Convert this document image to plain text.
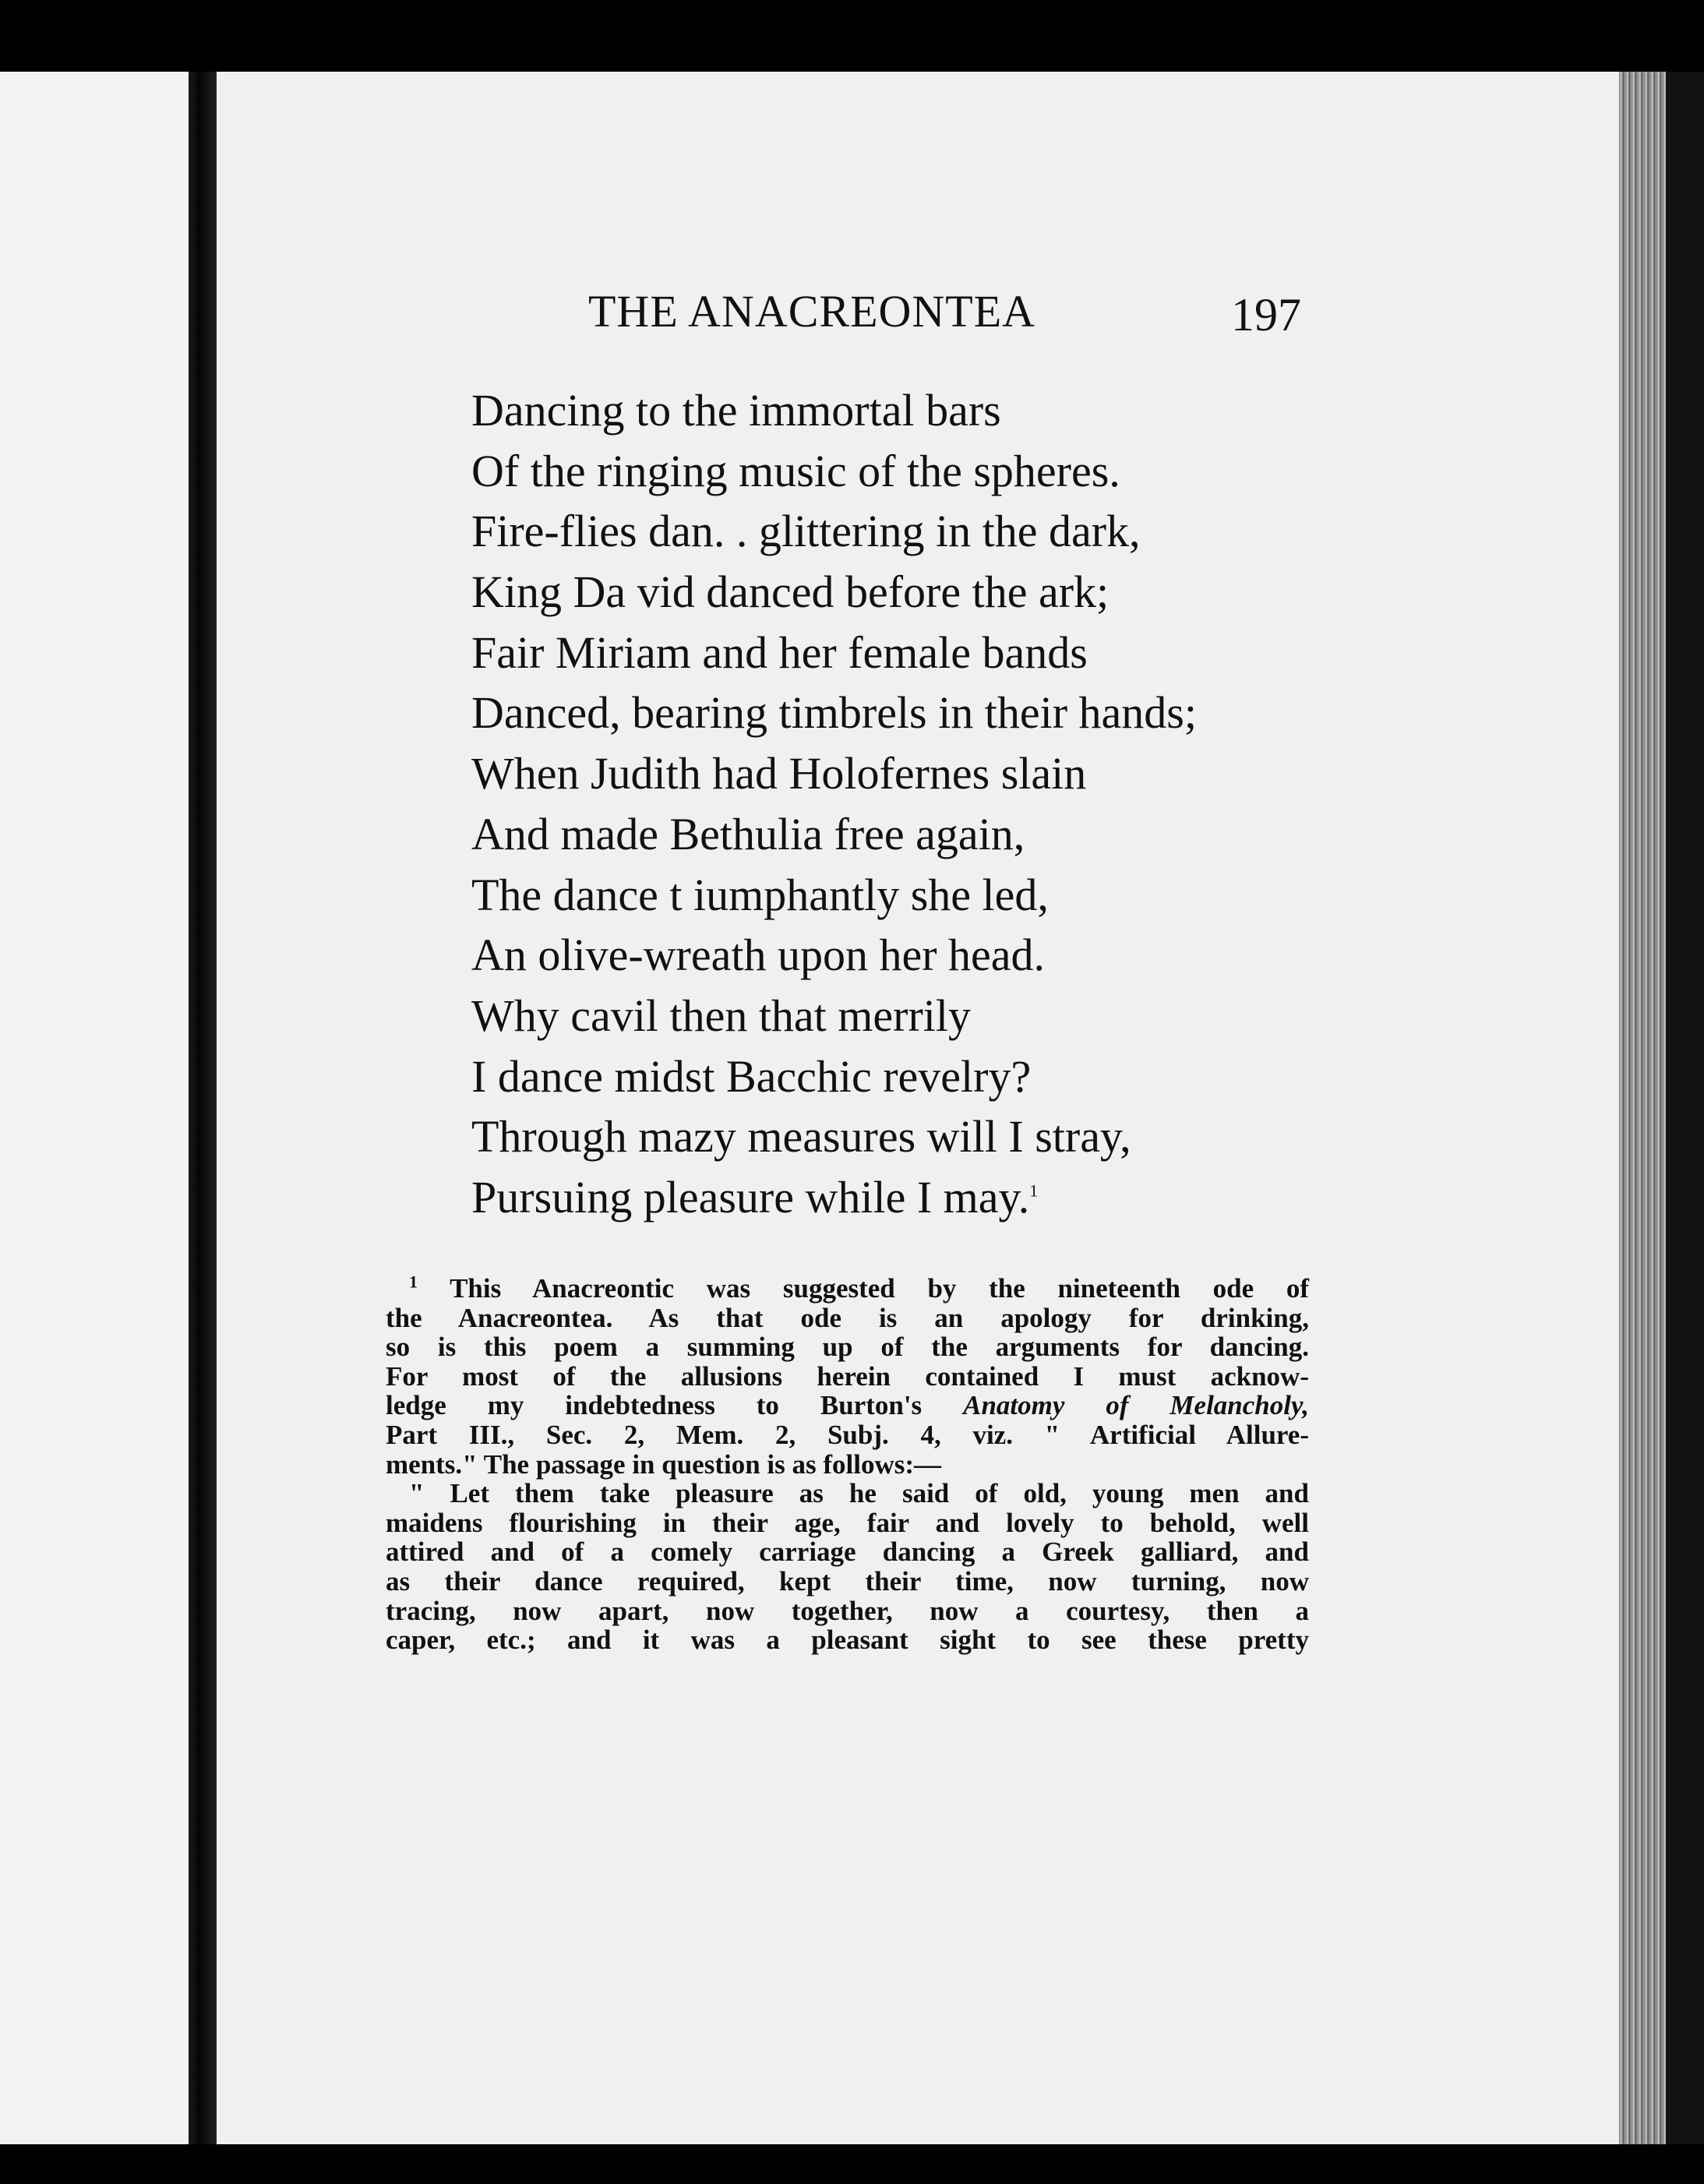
THE ANACREONTEA	197
Dancing to the immortal bars
Of the ringing music of the spheres.
Fire-flies dan. . glittering in the dark,
King Da vid danced before the ark;
Fair Miriam and her female bands
Danced, bearing timbrels in their hands;
When Judith had Holofernes slain
And made Bethulia free again,
The dance t iumphantly she led,
An olive-wreath upon her head.
Why cavil then that merrily
I dance midst Bacchic revelry?
Through mazy measures will I stray,
Pursuing pleasure while I may.$^1$
$^1$ This Anacreontic was suggested by the nineteenth ode of
the Anacreontea. As that ode is an apology for drinking,
so is this poem a summing up of the arguments for dancing.
For most of the allusions herein contained I must acknow-
ledge my indebtedness to Burton's Anatomy of Melancholy,
Part III., Sec. 2, Mem. 2, Subj. 4, viz. " Artificial Allure-
ments." The passage in question is as follows:—
" Let them take pleasure as he said of old, young men and
maidens flourishing in their age, fair and lovely to behold, well
attired and of a comely carriage dancing a Greek galliard, and
as their dance required, kept their time, now turning, now
tracing, now apart, now together, now a courtesy, then a
caper, etc.; and it was a pleasant sight to see these pretty
